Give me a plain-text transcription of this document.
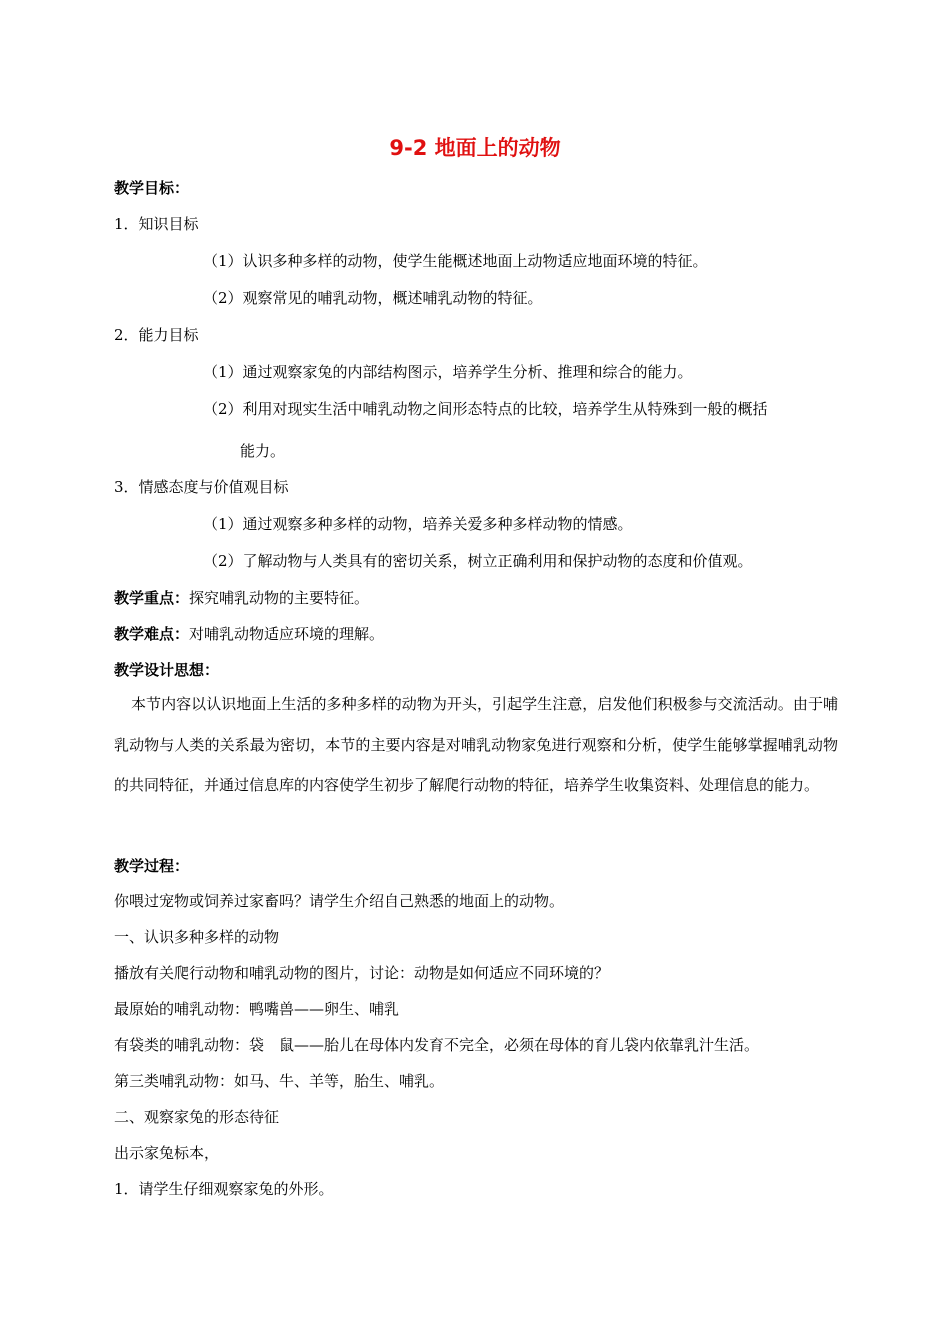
9-2 地面上的动物
教学目标：
1．知识目标
（1）认识多种多样的动物，使学生能概述地面上动物适应地面环境的特征。
（2）观察常见的哺乳动物，概述哺乳动物的特征。
2．能力目标
（1）通过观察家兔的内部结构图示，培养学生分析、推理和综合的能力。
（2）利用对现实生活中哺乳动物之间形态特点的比较，培养学生从特殊到一般的概括
能力。
3．情感态度与价值观目标
（1）通过观察多种多样的动物，培养关爱多种多样动物的情感。
（2）了解动物与人类具有的密切关系，树立正确利用和保护动物的态度和价值观。
教学重点：探究哺乳动物的主要特征。
教学难点：对哺乳动物适应环境的理解。
教学设计思想：
本节内容以认识地面上生活的多种多样的动物为开头，引起学生注意，启发他们积极参与交流活动。由于哺乳动物与人类的关系最为密切，本节的主要内容是对哺乳动物家兔进行观察和分析，使学生能够掌握哺乳动物的共同特征，并通过信息库的内容使学生初步了解爬行动物的特征，培养学生收集资料、处理信息的能力。
教学过程：
你喂过宠物或饲养过家畜吗？请学生介绍自己熟悉的地面上的动物。
一、认识多种多样的动物
播放有关爬行动物和哺乳动物的图片，讨论：动物是如何适应不同环境的？
最原始的哺乳动物：鸭嘴兽——卵生、哺乳
有袋类的哺乳动物：袋　鼠——胎儿在母体内发育不完全，必须在母体的育儿袋内依靠乳汁生活。
第三类哺乳动物：如马、牛、羊等，胎生、哺乳。
二、观察家兔的形态待征
出示家兔标本，
1．请学生仔细观察家兔的外形。
